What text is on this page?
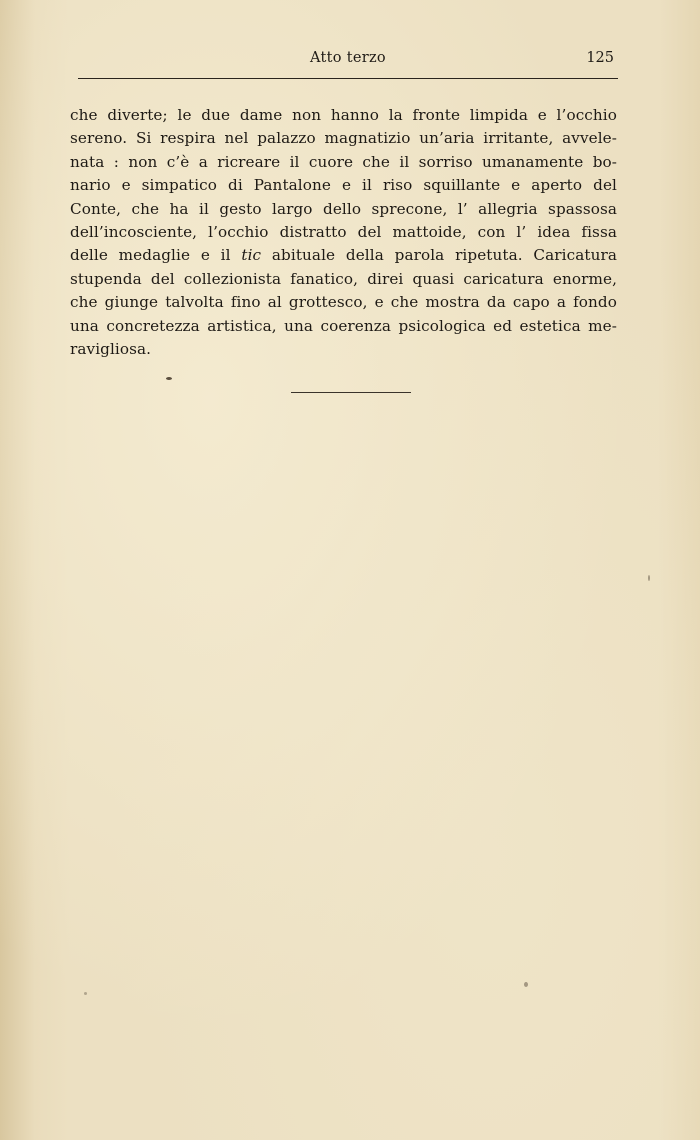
Atto terzo	125
che diverte; le due dame non hanno la fronte limpida e l’occhio
sereno. Si respira nel palazzo magnatizio un’aria irritante, avvele-
nata : non c’è a ricreare il cuore che il sorriso umanamente bo-
nario e simpatico di Pantalone e il riso squillante e aperto del
Conte, che ha il gesto largo dello sprecone, l’ allegria spassosa
dell’incosciente, l’occhio distratto del mattoide, con l’ idea fissa
delle medaglie e il tic abituale della parola ripetuta. Caricatura
stupenda del collezionista fanatico, direi quasi caricatura enorme,
che giunge talvolta fino al grottesco, e che mostra da capo a fondo
una concretezza artistica, una coerenza psicologica ed estetica me-
ravigliosa.
